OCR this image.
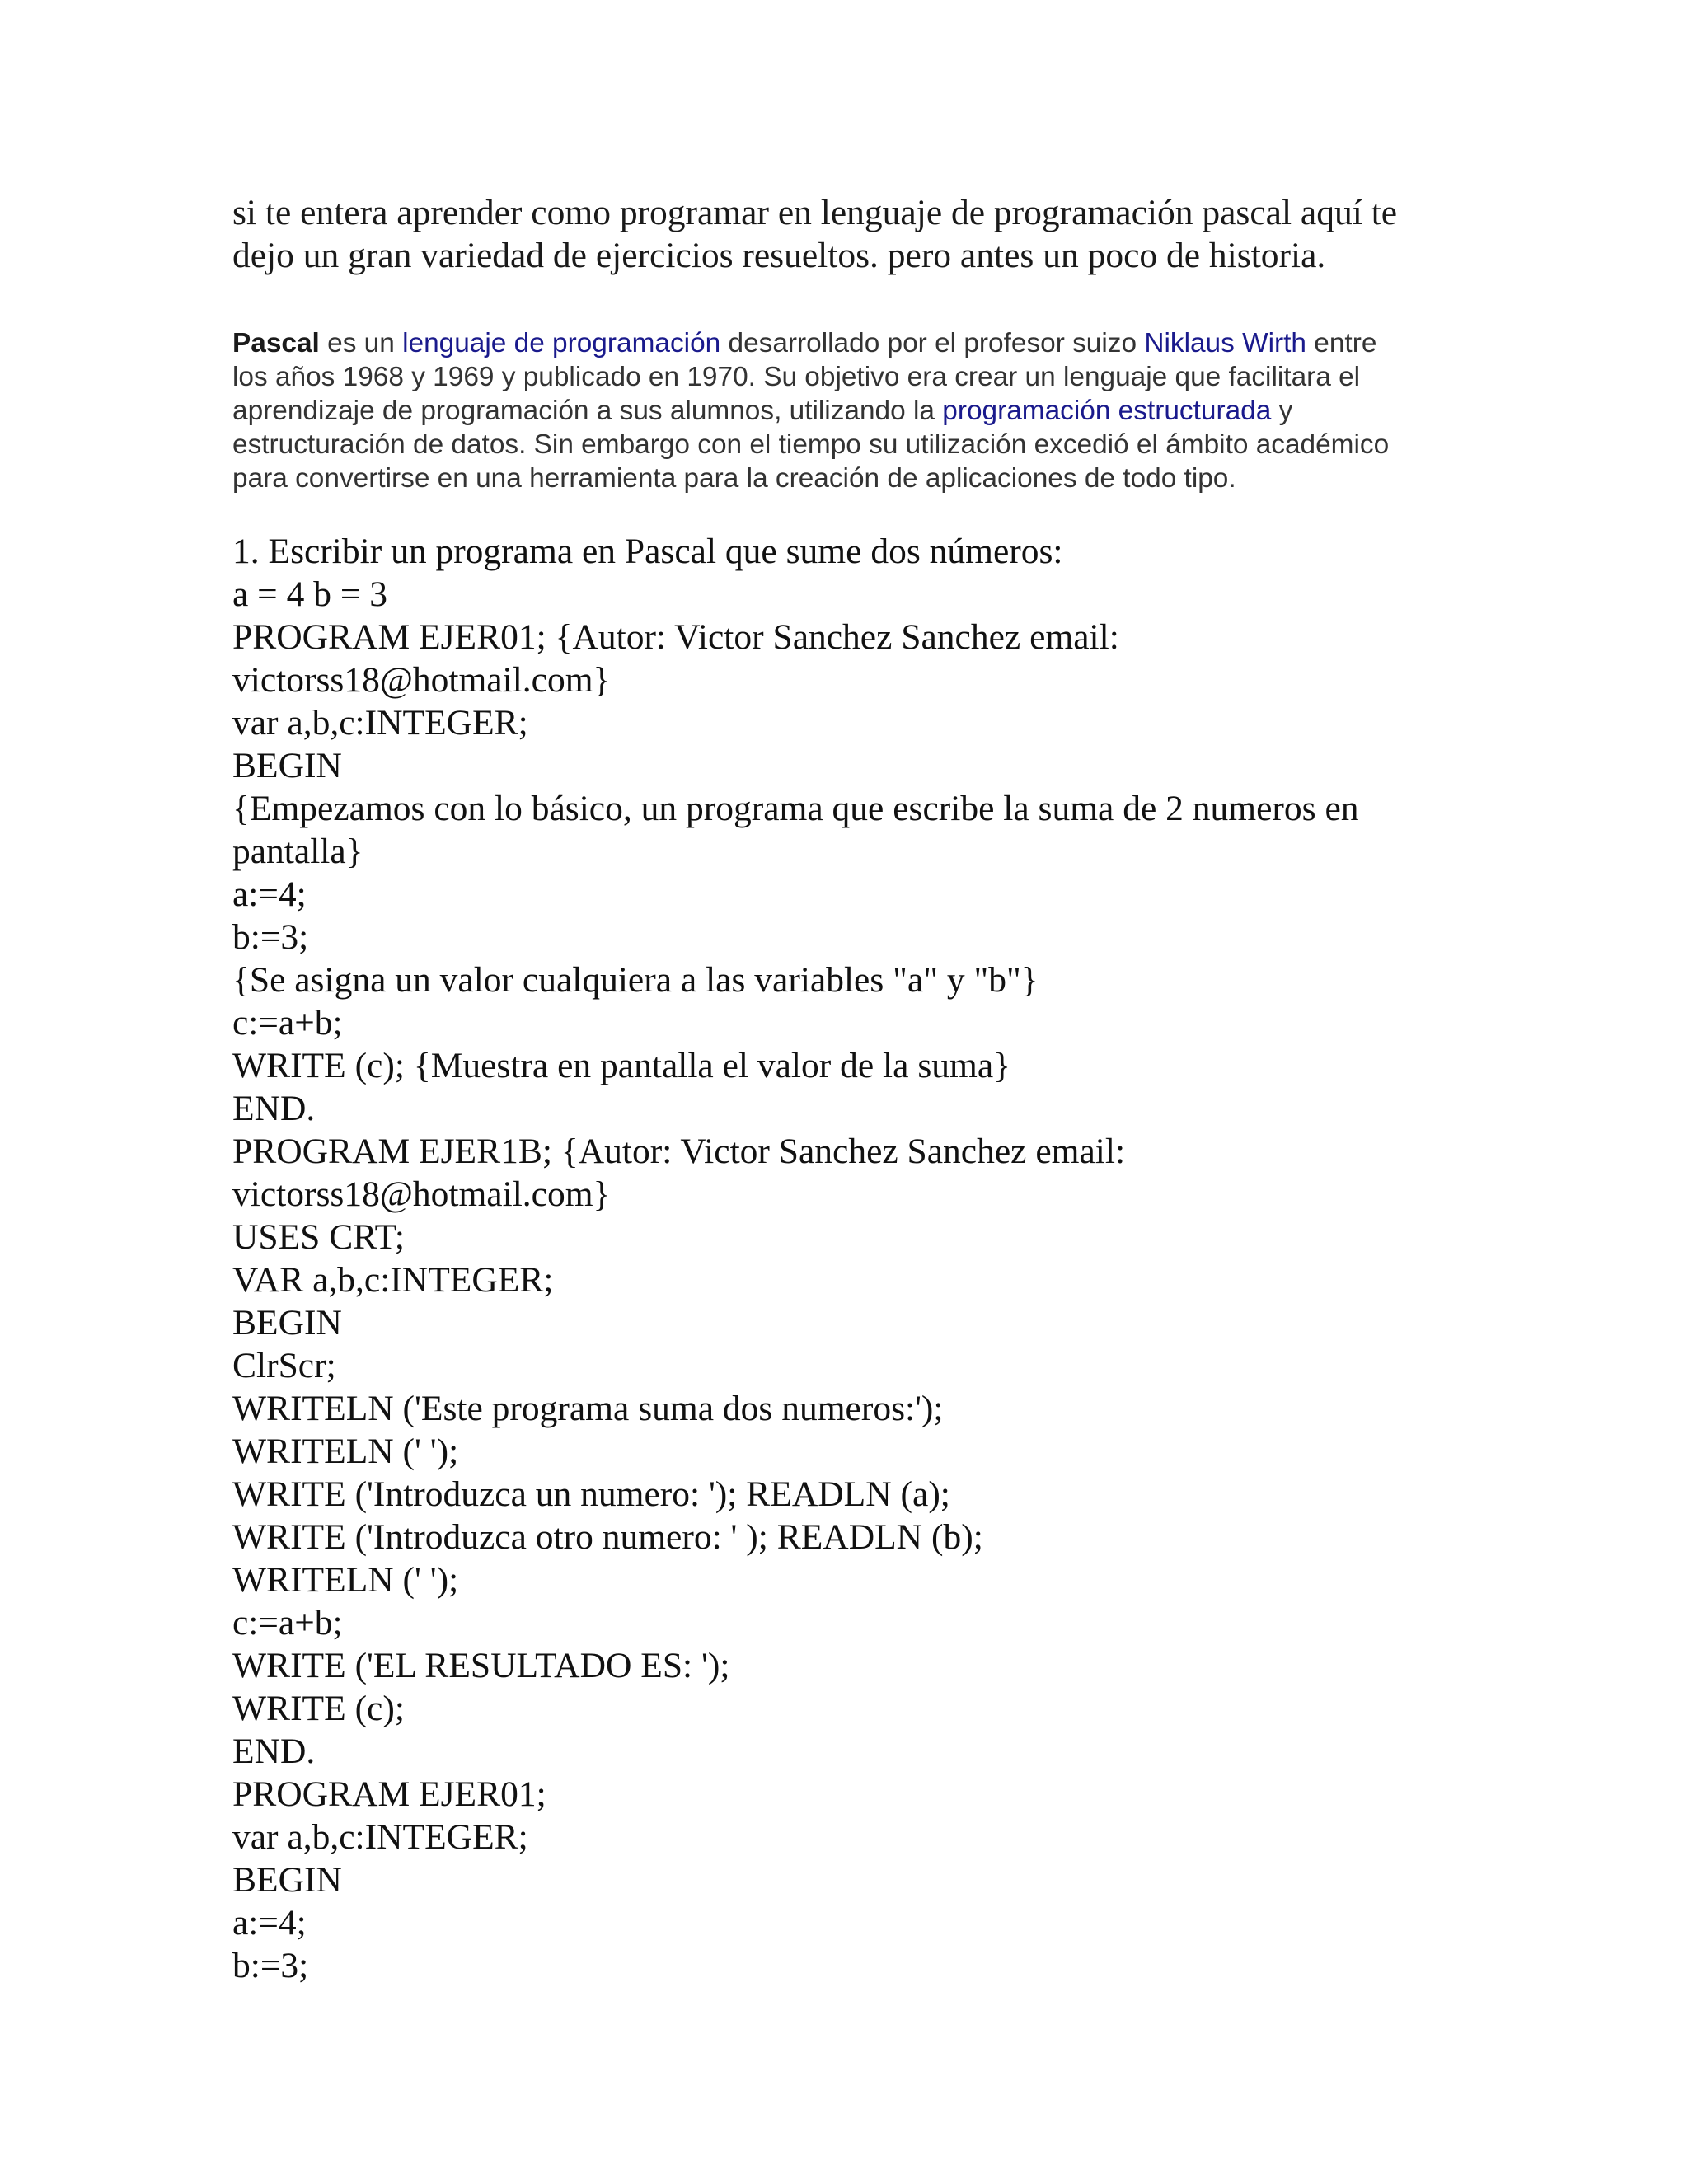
si te entera aprender como programar en lenguaje de programación pascal aquí te
dejo un gran variedad de ejercicios resueltos. pero antes un poco de historia.
Pascal es un lenguaje de programación desarrollado por el profesor suizo Niklaus Wirth entre
los años 1968 y 1969 y publicado en 1970. Su objetivo era crear un lenguaje que facilitara el
aprendizaje de programación a sus alumnos, utilizando la programación estructurada y
estructuración de datos. Sin embargo con el tiempo su utilización excedió el ámbito académico
para convertirse en una herramienta para la creación de aplicaciones de todo tipo.
1. Escribir un programa en Pascal que sume dos números:
a = 4 b = 3
PROGRAM EJER01; {Autor: Victor Sanchez Sanchez email:
victorss18@hotmail.com}
var a,b,c:INTEGER;
BEGIN
{Empezamos con lo básico, un programa que escribe la suma de 2 numeros en
pantalla}
a:=4;
b:=3;
{Se asigna un valor cualquiera a las variables "a" y "b"}
c:=a+b;
WRITE (c); {Muestra en pantalla el valor de la suma}
END.
PROGRAM EJER1B; {Autor: Victor Sanchez Sanchez email:
victorss18@hotmail.com}
USES CRT;
VAR a,b,c:INTEGER;
BEGIN
ClrScr;
WRITELN ('Este programa suma dos numeros:');
WRITELN (' ');
WRITE ('Introduzca un numero: '); READLN (a);
WRITE ('Introduzca otro numero: ' ); READLN (b);
WRITELN (' ');
c:=a+b;
WRITE ('EL RESULTADO ES: ');
WRITE (c);
END.
PROGRAM EJER01;
var a,b,c:INTEGER;
BEGIN
a:=4;
b:=3;
